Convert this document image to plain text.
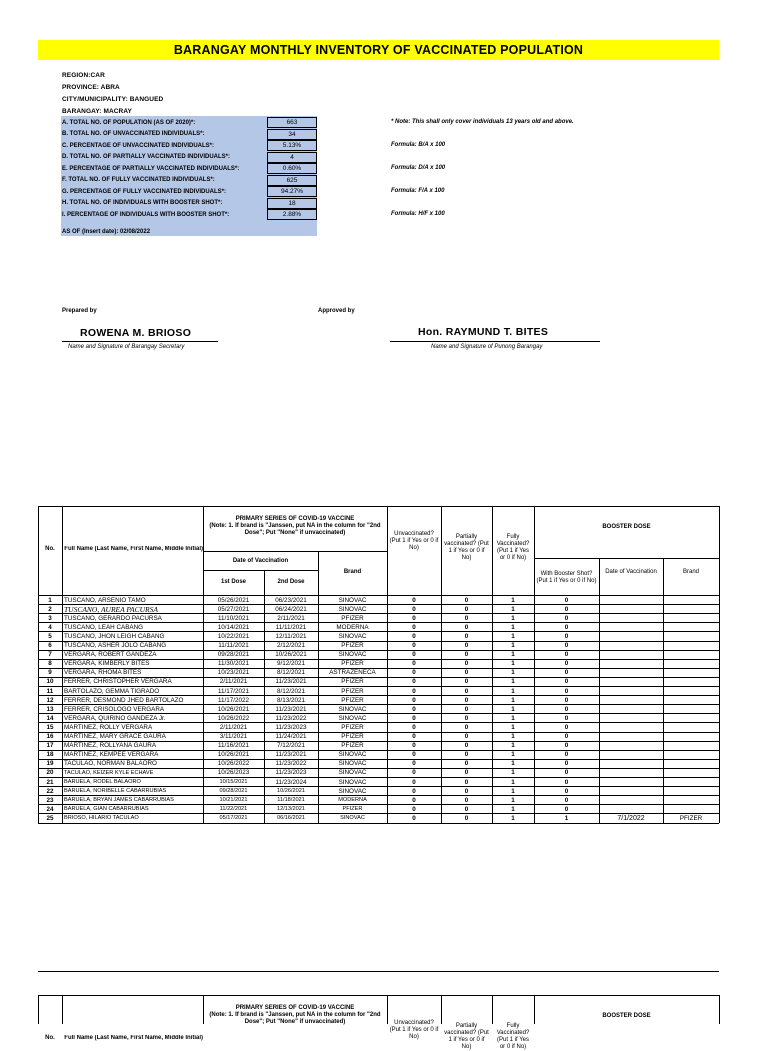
BARANGAY MONTHLY INVENTORY OF VACCINATED POPULATION
REGION:CAR
PROVINCE: ABRA
CITY/MUNICIPALITY: BANGUED
BARANGAY: MACRAY
A. TOTAL NO. OF POPULATION (AS OF 2020)*:	663	* Note: This shall only cover individuals 13 years old and above.
B. TOTAL NO. OF UNVACCINATED INDIVIDUALS*:	34
C. PERCENTAGE OF UNVACCINATED INDIVIDUALS*:	5.13%	Formula: B/A x 100
D. TOTAL NO. OF PARTIALLY VACCINATED INDIVIDUALS*:	4
E. PERCENTAGE OF PARTIALLY VACCINATED INDIVIDUALS*:	0.60%	Formula: D/A x 100
F. TOTAL NO. OF FULLY VACCINATED INDIVIDUALS*:	625
G. PERCENTAGE OF FULLY VACCINATED INDIVIDUALS*:	94.27%	Formula: F/A x 100
H. TOTAL NO. OF INDIVIDUALS WITH BOOSTER SHOT*:	18
I. PERCENTAGE OF INDIVIDUALS WITH BOOSTER SHOT*:	2.88%	Formula: H/F x 100
AS OF (Insert date): 02/08/2022
Prepared by	Approved by
ROWENA M. BRIOSO
Name and Signature of Barangay Secretary
Hon. RAYMUND T. BITES
Name and Signature of Punong Barangay
No.	Full Name (Last Name, First Name, Middle Initial)
PRIMARY SERIES OF COVID-19 VACCINE
(Note: 1. If brand is "Janssen, put NA in the column for "2nd Dose"; Put "None" if unvaccinated)	Unvaccinated? (Put 1 if Yes or 0 if No)
Partially vaccinated? (Put 1 if Yes or 0 if No)
Fully Vaccinated? (Put 1 if Yes or 0 if No)
BOOSTER DOSE
Date of Vaccination
1st Dose	2nd Dose
Brand	With Booster Shot? (Put 1 if Yes or 0 if No)
Date of Vaccination	Brand
1	TUSCANO, ARSENIO TAMO	05/26/2021	06/23/2021	SINOVAC	0	0	1	0
2	TUSCANO, AUREA PACURSA	05/27/2021	06/24/2021	SINOVAC	0	0	1	0
3	TUSCANO, GERARDO PACURSA	11/10/2021	2/11/2021	PFIZER	0	0	1	0
4	TUSCANO, LEAH CABANG	10/14/2021	11/11/2021	MODERNA	0	0	1	0
5	TUSCANO, JHON LEIGH CABANG	10/22/2021	12/11/2021	SINOVAC	0	0	1	0
6	TUSCANO, ASHER JOLO CABANG	11/11/2021	2/12/2021	PFIZER	0	0	1	0
7	VERGARA, ROBERT GANDEZA	09/28/2021	10/26/2021	SINOVAC	0	0	1	0
8	VERGARA, KIMBERLY BITES	11/30/2021	9/12/2021	PFIZER	0	0	1	0
9	VERGARA, RHOMA BITES	10/23/2021	8/12/2021	ASTRAZENECA	0	0	1	0
10	FERRER, CHRISTOPHER VERGARA	2/11/2021	11/23/2021	PFIZER	0	0	1	0
11	BARTOLAZO, GEMMA TIGRADO	11/17/2021	8/12/2021	PFIZER	0	0	1	0
12	FERRER, DESMOND JHED BARTOLAZO	11/17/2022	8/13/2021	PFIZER	0	0	1	0
13	FERRER, CRISOLOGO VERGARA	10/26/2021	11/23/2021	SINOVAC	0	0	1	0
14	VERGARA, QUIRINO GANDEZA Jr.	10/26/2022	11/23/2022	SINOVAC	0	0	1	0
15	MARTINEZ, ROLLY VERGARA	2/11/2021	11/23/2023	PFIZER	0	0	1	0
16	MARTINEZ, MARY GRACE GAURA	3/11/2021	11/24/2021	PFIZER	0	0	1	0
17	MARTINEZ, ROLLYANA GAURA	11/16/2021	7/12/2021	PFIZER	0	0	1	0
18	MARTINEZ, KEMPEE VERGARA	10/26/2021	11/23/2021	SINOVAC	0	0	1	0
19	TACULAO, NORMAN BALAORO	10/26/2022	11/23/2022	SINOVAC	0	0	1	0
20	TACULAO, KEIZER KYLE ECHAVE	10/26/2023	11/23/2023	SINOVAC	0	0	1	0
21	BARUELA, RODEL BALAORO	10/15/2021	11/23/2024	SINOVAC	0	0	1	0
22	BARUELA, NORIBELLE CABARRUBIAS	09/28/2021	10/26/2021	SINOVAC	0	0	1	0
23	BARUELA, BRYAN JAMES CABARRUBIAS	10/21/2021	11/18/2021	MODERNA	0	0	1	0
24	BARUELA, GIAN CABARRUBIAS	11/22/2021	12/13/2021	PFIZER	0	0	1	0
25	BRIOSO, HILARIO TACULAO	05/17/2021	06/16/2021	SINOVAC	0	0	1	1	7/1/2022	PFIZER
No.	Full Name (Last Name, First Name, Middle Initial)
PRIMARY SERIES OF COVID-19 VACCINE
(Note: 1. If brand is "Janssen, put NA in the column for "2nd Dose"; Put "None" if unvaccinated)	Unvaccinated? (Put 1 if Yes or 0 if No)
Partially vaccinated? (Put 1 if Yes or 0 if No)
Fully Vaccinated? (Put 1 if Yes or 0 if No)
BOOSTER DOSE
